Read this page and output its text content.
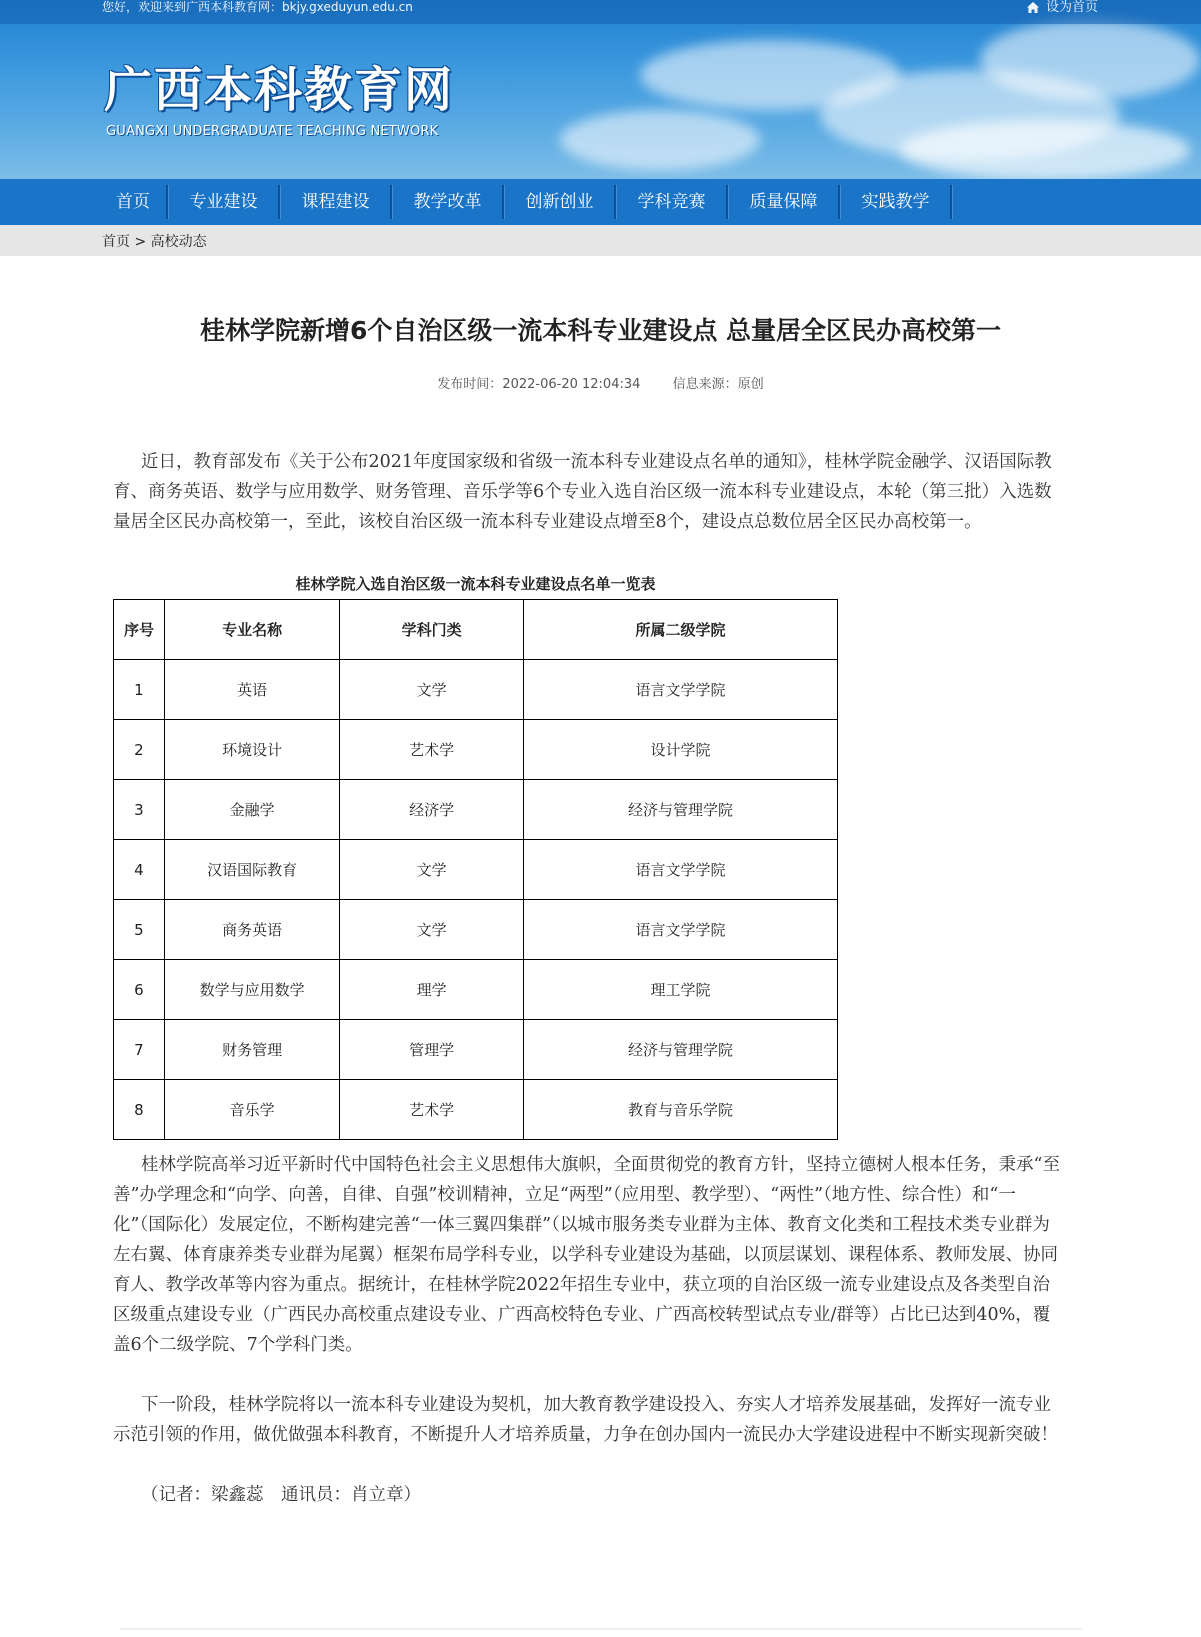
您好，欢迎来到广西本科教育网：bkjy.gxeduyun.edu.cn	设为首页
广西本科教育网
GUANGXI UNDERGRADUATE TEACHING NETWORK
首页	专业建设	课程建设	教学改革	创新创业	学科竞赛	质量保障	实践教学
首页 > 高校动态
桂林学院新增6个自治区级一流本科专业建设点 总量居全区民办高校第一
发布时间：2022-06-20 12:04:34 信息来源：原创

近日，教育部发布《关于公布2021年度国家级和省级一流本科专业建设点名单的通知》，桂林学院金融学、汉语国际教育、商务英语、数学与应用数学、财务管理、音乐学等6个专业入选自治区级一流本科专业建设点，本轮（第三批）入选数量居全区民办高校第一，至此，该校自治区级一流本科专业建设点增至8个，建设点总数位居全区民办高校第一。

桂林学院入选自治区级一流本科专业建设点名单一览表
序号	专业名称	学科门类	所属二级学院
1	英语	文学	语言文学学院
2	环境设计	艺术学	设计学院
3	金融学	经济学	经济与管理学院
4	汉语国际教育	文学	语言文学学院
5	商务英语	文学	语言文学学院
6	数学与应用数学	理学	理工学院
7	财务管理	管理学	经济与管理学院
8	音乐学	艺术学	教育与音乐学院

桂林学院高举习近平新时代中国特色社会主义思想伟大旗帜，全面贯彻党的教育方针，坚持立德树人根本任务，秉承“至善”办学理念和“向学、向善，自律、自强”校训精神，立足“两型”（应用型、教学型）、“两性”（地方性、综合性）和“一化”（国际化）发展定位，不断构建完善“一体三翼四集群”（以城市服务类专业群为主体、教育文化类和工程技术类专业群为左右翼、体育康养类专业群为尾翼）框架布局学科专业，以学科专业建设为基础，以顶层谋划、课程体系、教师发展、协同育人、教学改革等内容为重点。据统计，在桂林学院2022年招生专业中，获立项的自治区级一流专业建设点及各类型自治区级重点建设专业（广西民办高校重点建设专业、广西高校特色专业、广西高校转型试点专业/群等）占比已达到40%，覆盖6个二级学院、7个学科门类。

下一阶段，桂林学院将以一流本科专业建设为契机，加大教育教学建设投入、夯实人才培养发展基础，发挥好一流专业示范引领的作用，做优做强本科教育，不断提升人才培养质量，力争在创办国内一流民办大学建设进程中不断实现新突破！

（记者：梁鑫蕊　通讯员：肖立章）
